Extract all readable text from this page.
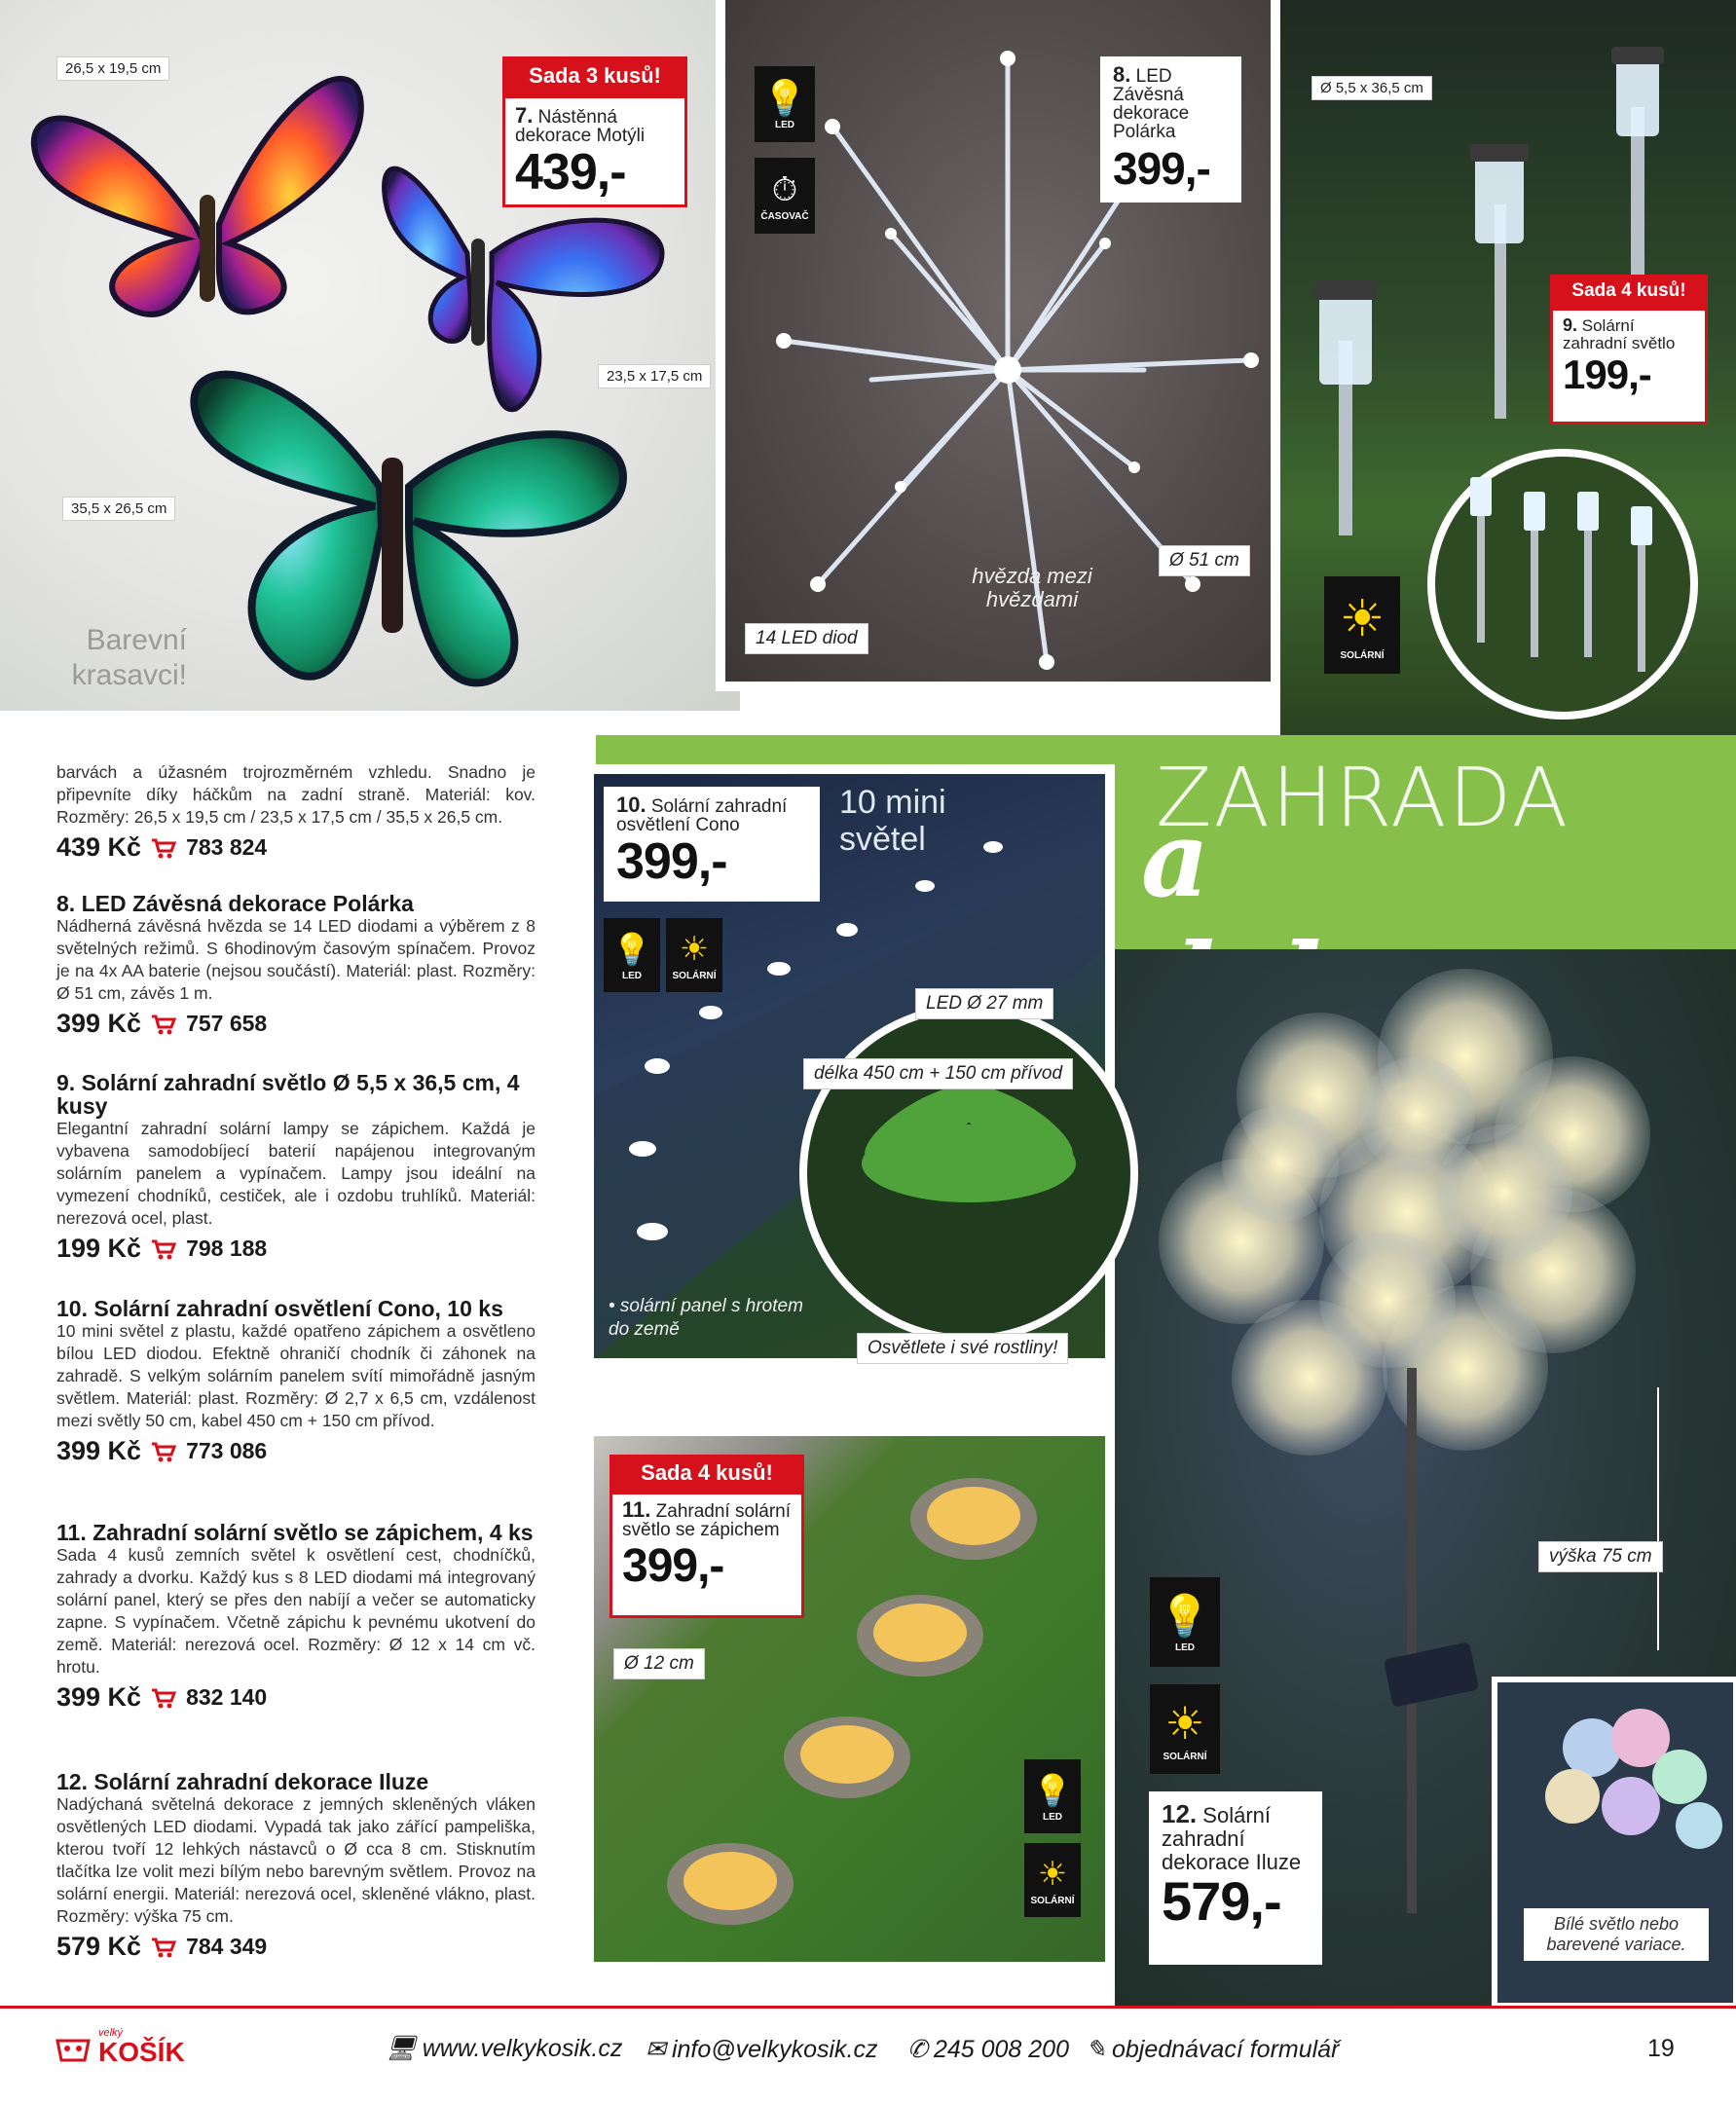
26,5 x 19,5 cm
23,5 x 17,5 cm
35,5 x 26,5 cm
Barevní krasavci!
Sada 3 kusů!
7. Nástěnná dekorace Motýli
439,-
💡
LED
⏱
ČASOVAČ
14 LED diod
Ø 51 cm
hvězda mezi hvězdami
8. LED Závěsná dekorace Polárka
399,-
Ø 5,5 x 36,5 cm
☀
SOLÁRNÍ
Sada 4 kusů!
9. Solární zahradní světlo
199,-
ZAHRADA
a
výška 75 cm
💡
LED
☀
SOLÁRNÍ
Bílé světlo nebo barevené variace.
12. Solární zahradní dekorace Iluze
579,-
💡
LED
☀
SOLÁRNÍ
10 mini světel
LED Ø 27 mm
délka 450 cm + 150 cm přívod
• solární panel s hrotem do země
Osvětlete i své rostliny!
10. Solární zahradní osvětlení Cono
399,-
Ø 12 cm
💡
LED
☀
SOLÁRNÍ
Sada 4 kusů!
11. Zahradní solární světlo se zápichem
399,-
barvách a úžasném trojrozměrném vzhledu. Snadno je připevníte díky háčkům na zadní straně. Materiál: kov. Rozměry: 26,5 x 19,5 cm / 23,5 x 17,5 cm / 35,5 x 26,5 cm.
439 Kč 783 824
8. LED Závěsná dekorace Polárka
Nádherná závěsná hvězda se 14 LED diodami a výběrem z 8 světelných režimů. S 6hodinovým časovým spínačem. Provoz je na 4x AA baterie (nejsou součástí). Materiál: plast. Rozměry: Ø 51 cm, závěs 1 m.
399 Kč 757 658
9. Solární zahradní světlo Ø 5,5 x 36,5 cm, 4 kusy
Elegantní zahradní solární lampy se zápichem. Každá je vybavena samodobíjecí baterií napájenou integrovaným solárním panelem a vypínačem. Lampy jsou ideální na vymezení chodníků, cestiček, ale i ozdobu truhlíků. Materiál: nerezová ocel, plast.
199 Kč 798 188
10. Solární zahradní osvětlení Cono, 10 ks
10 mini světel z plastu, každé opatřeno zápichem a osvětleno bílou LED diodou. Efektně ohraničí chodník či záhonek na zahradě. S velkým solárním panelem svítí mimořádně jasným světlem. Materiál: plast. Rozměry: Ø 2,7 x 6,5 cm, vzdálenost mezi světly 50 cm, kabel 450 cm + 150 cm přívod.
399 Kč 773 086
11. Zahradní solární světlo se zápichem, 4 ks
Sada 4 kusů zemních světel k osvětlení cest, chodníčků, zahrady a dvorku. Každý kus s 8 LED diodami má integrovaný solární panel, který se přes den nabíjí a večer se automaticky zapne. S vypínačem. Včetně zápichu k pevnému ukotvení do země. Materiál: nerezová ocel. Rozměry: Ø 12 x 14 cm vč. hrotu.
399 Kč 832 140
12. Solární zahradní dekorace Iluze
Nadýchaná světelná dekorace z jemných skleněných vláken osvětlených LED diodami. Vypadá tak jako zářící pampeliška, kterou tvoří 12 lehkých nástavců o Ø cca 8 cm. Stisknutím tlačítka lze volit mezi bílým nebo barevným světlem. Provoz na solární energii. Materiál: nerezová ocel, skleněné vlákno, plast. Rozměry: výška 75 cm.
579 Kč 784 349
velký
KOŠÍK	🖥 www.velkykosik.cz ✉ info@velkykosik.cz ✆ 245 008 200 ✎ objednávací formulář	19
